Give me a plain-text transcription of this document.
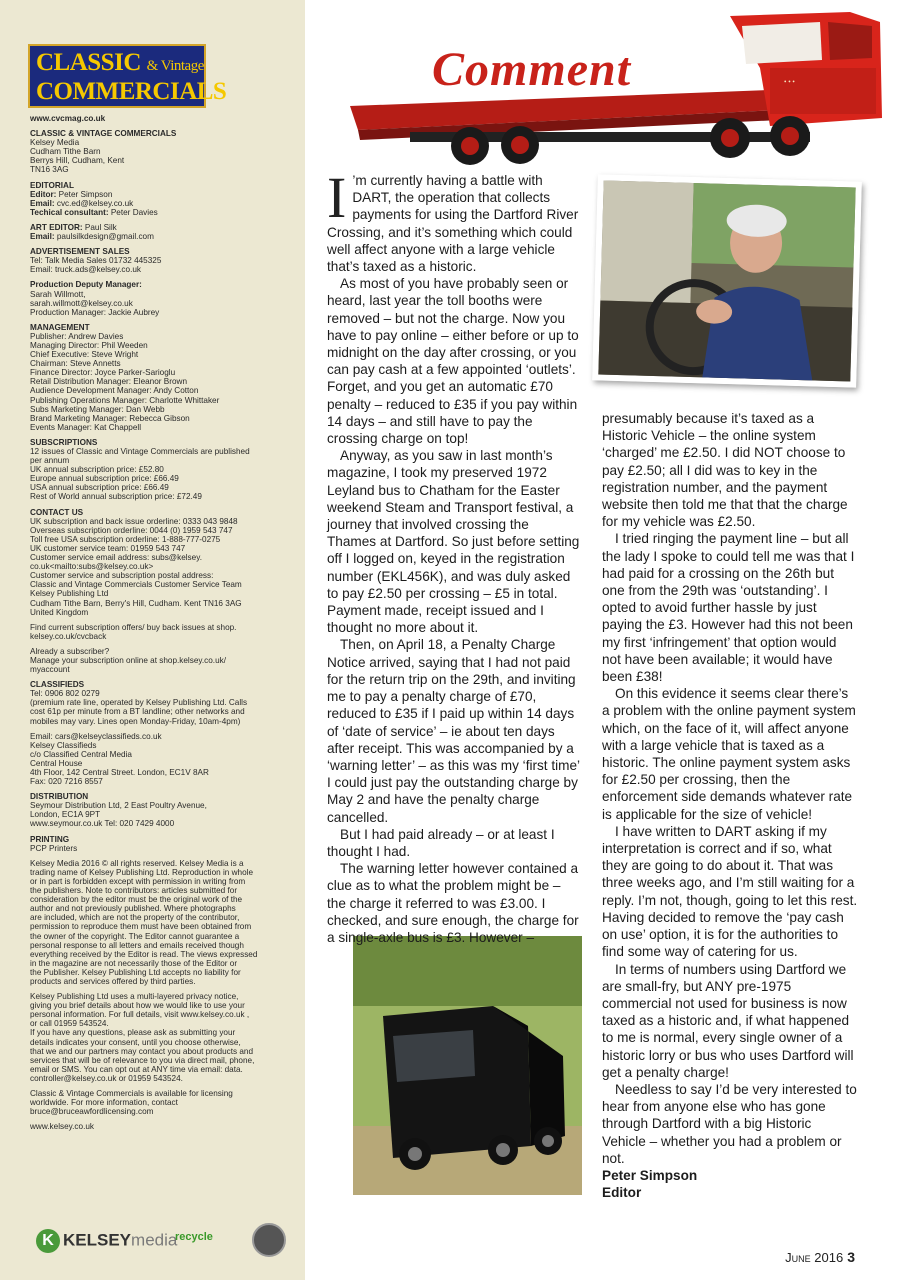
CLASSIC & Vintage
COMMERCIALS
www.cvcmag.co.uk
CLASSIC & VINTAGE COMMERCIALS
Kelsey Media
Cudham Tithe Barn
Berrys Hill, Cudham, Kent
TN16 3AG
EDITORIAL
Editor: Peter Simpson
Email: cvc.ed@kelsey.co.uk
Techical consultant: Peter Davies
ART EDITOR: Paul Silk
Email: paulsilkdesign@gmail.com
ADVERTISEMENT SALES
Tel: Talk Media Sales 01732 445325
Email: truck.ads@kelsey.co.uk
Production Deputy Manager:
Sarah Willmott,
sarah.willmott@kelsey.co.uk
Production Manager: Jackie Aubrey
MANAGEMENT
Publisher: Andrew Davies
Managing Director: Phil Weeden
Chief Executive: Steve Wright
Chairman: Steve Annetts
Finance Director: Joyce Parker-Sarioglu
Retail Distribution Manager: Eleanor Brown
Audience Development Manager: Andy Cotton
Publishing Operations Manager: Charlotte Whittaker
Subs Marketing Manager: Dan Webb
Brand Marketing Manager: Rebecca Gibson
Events Manager: Kat Chappell
SUBSCRIPTIONS
12 issues of Classic and Vintage Commercials are published
per annum
UK annual subscription price: £52.80
Europe annual subscription price: £66.49
USA annual subscription price: £66.49
Rest of World annual subscription price: £72.49
CONTACT US
UK subscription and back issue orderline: 0333 043 9848
Overseas subscription orderline: 0044 (0) 1959 543 747
Toll free USA subscription orderline: 1-888-777-0275
UK customer service team: 01959 543 747
Customer service email address: subs@kelsey.
co.uk<mailto:subs@kelsey.co.uk>
Customer service and subscription postal address:
Classic and Vintage Commercials Customer Service Team
Kelsey Publishing Ltd
Cudham Tithe Barn, Berry's Hill, Cudham. Kent TN16 3AG
United Kingdom
Find current subscription offers/ buy back issues at shop.
kelsey.co.uk/cvcback
Already a subscriber?
Manage your subscription online at shop.kelsey.co.uk/
myaccount
CLASSIFIEDS
Tel: 0906 802 0279
(premium rate line, operated by Kelsey Publishing Ltd. Calls
cost 61p per minute from a BT landline; other networks and
mobiles may vary. Lines open Monday-Friday, 10am-4pm)
Email: cars@kelseyclassifieds.co.uk
Kelsey Classifieds
c/o Classified Central Media
Central House
4th Floor, 142 Central Street. London, EC1V 8AR
Fax: 020 7216 8557
DISTRIBUTION
Seymour Distribution Ltd, 2 East Poultry Avenue,
London, EC1A 9PT
www.seymour.co.uk Tel: 020 7429 4000
PRINTING
PCP Printers
Kelsey Media 2016 © all rights reserved. Kelsey Media is a
trading name of Kelsey Publishing Ltd. Reproduction in whole
or in part is forbidden except with permission in writing from
the publishers. Note to contributors: articles submitted for
consideration by the editor must be the original work of the
author and not previously published. Where photographs
are included, which are not the property of the contributor,
permission to reproduce them must have been obtained from
the owner of the copyright. The Editor cannot guarantee a
personal response to all letters and emails received though
everything received by the Editor is read. The views expressed
in the magazine are not necessarily those of the Editor or
the Publisher. Kelsey Publishing Ltd accepts no liability for
products and services offered by third parties.
Kelsey Publishing Ltd uses a multi-layered privacy notice,
giving you brief details about how we would like to use your
personal information. For full details, visit www.kelsey.co.uk ,
or call 01959 543524.
If you have any questions, please ask as submitting your
details indicates your consent, until you choose otherwise,
that we and our partners may contact you about products and
services that will be of relevance to you via direct mail, phone,
email or SMS. You can opt out at ANY time via email: data.
controller@kelsey.co.uk or 01959 543524.
Classic & Vintage Commercials is available for licensing
worldwide. For more information, contact
bruce@bruceawfordlicensing.com
www.kelsey.co.uk
K KELSEYmedia
recycle
• • •
Comment

I ’m currently having a battle with DART, the operation that collects payments for using the Dartford River Crossing, and it’s something which could well affect anyone with a large vehicle that’s taxed as a historic.

As most of you have probably seen or heard, last year the toll booths were removed – but not the charge. Now you have to pay online – either before or up to midnight on the day after crossing, or you can pay cash at a few appointed ‘outlets’. Forget, and you get an automatic £70 penalty – reduced to £35 if you pay within 14 days – and still have to pay the crossing charge on top!

Anyway, as you saw in last month’s magazine, I took my preserved 1972 Leyland bus to Chatham for the Easter weekend Steam and Transport festival, a journey that involved crossing the Thames at Dartford. So just before setting off I logged on, keyed in the registration number (EKL456K), and was duly asked to pay £2.50 per crossing – £5 in total. Payment made, receipt issued and I thought no more about it.

Then, on April 18, a Penalty Charge Notice arrived, saying that I had not paid for the return trip on the 29th, and inviting me to pay a penalty charge of £70, reduced to £35 if I paid up within 14 days of ‘date of service’ – ie about ten days after receipt. This was accompanied by a ‘warning letter’ – as this was my ‘first time’ I could just pay the outstanding charge by May 2 and have the penalty charge cancelled.

But I had paid already – or at least I thought I had.

The warning letter however contained a clue as to what the problem might be – the charge it referred to was £3.00. I checked, and sure enough, the charge for a single-axle bus is £3. However –

presumably because it’s taxed as a Historic Vehicle – the online system ‘charged’ me £2.50. I did NOT choose to pay £2.50; all I did was to key in the registration number, and the payment website then told me that that the charge for my vehicle was £2.50.

I tried ringing the payment line – but all the lady I spoke to could tell me was that I had paid for a crossing on the 26th but one from the 29th was ‘outstanding’. I opted to avoid further hassle by just paying the £3. However had this not been my first ‘infringement’ that option would not have been available; it would have been £38!

On this evidence it seems clear there’s a problem with the online payment system which, on the face of it, will affect anyone with a large vehicle that is taxed as a historic. The online payment system asks for £2.50 per crossing, then the enforcement side demands whatever rate is applicable for the size of vehicle!

I have written to DART asking if my interpretation is correct and if so, what they are going to do about it. That was three weeks ago, and I’m still waiting for a reply. I’m not, though, going to let this rest. Having decided to remove the ‘pay cash on use’ option, it is for the authorities to find some way of catering for us.

In terms of numbers using Dartford we are small-fry, but ANY pre-1975 commercial not used for business is now taxed as a historic and, if what happened to me is normal, every single owner of a historic lorry or bus who uses Dartford will get a penalty charge!

Needless to say I’d be very interested to hear from anyone else who has gone through Dartford with a big Historic Vehicle – whether you had a problem or not.

Peter Simpson
Editor
June 2016 3
